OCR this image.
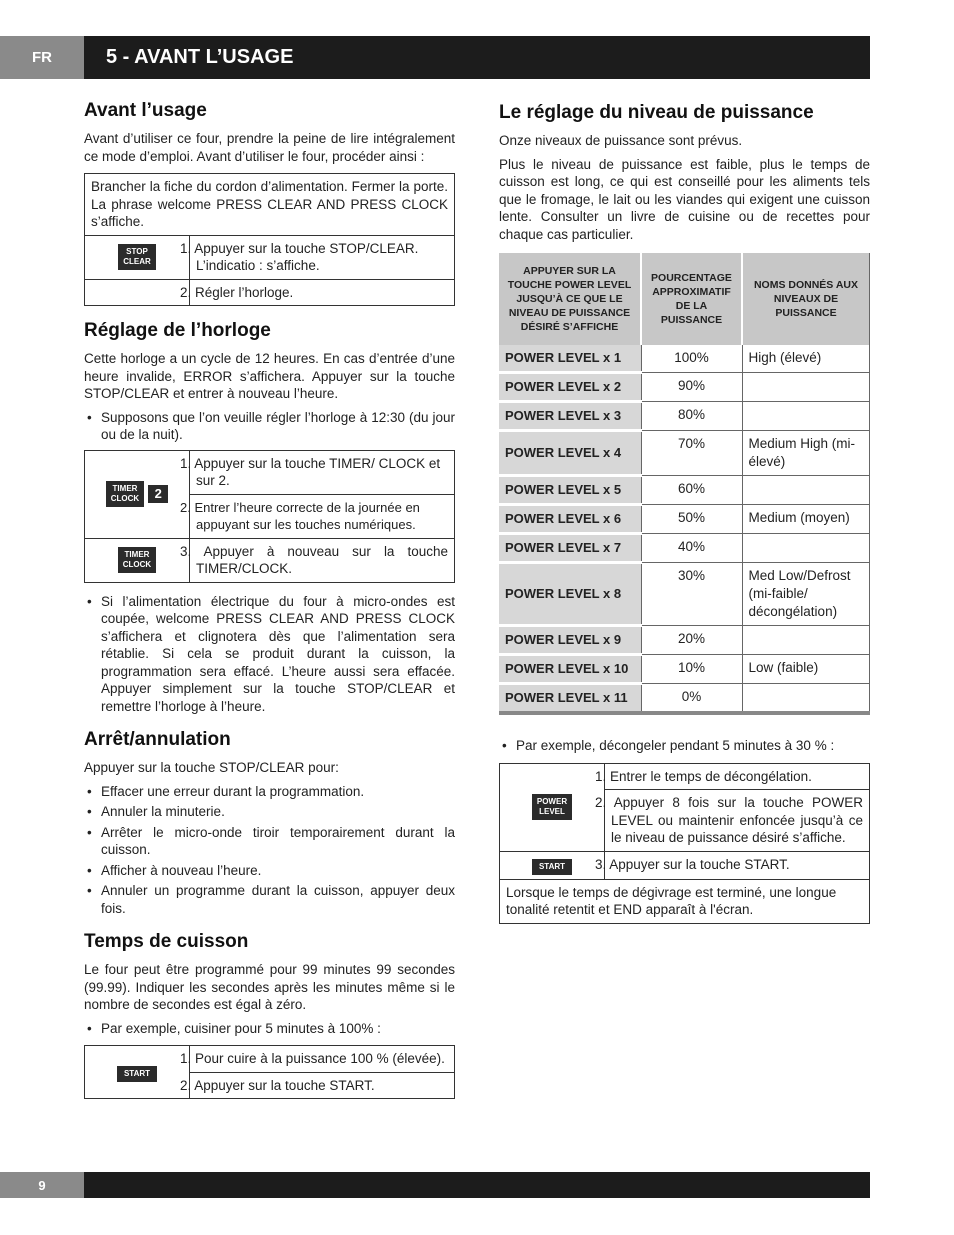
FR	5 - AVANT L’USAGE
Avant l’usage

Avant d’utiliser ce four, prendre la peine de lire intégralement ce mode d’emploi. Avant d’utiliser le four, procéder ainsi :

Brancher la fiche du cordon d’alimentation. Fermer la porte. La phrase welcome PRESS CLEAR AND PRESS CLOCK s’affiche.	
STOP
CLEAR	1. Appuyer sur la touche STOP/CLEAR. L’indicatio : s’affiche.
	2. Régler l’horloge.
Réglage de l’horloge

Cette horloge a un cycle de 12 heures. En cas d’entrée d’une heure invalide, ERROR s’affichera. Appuyer sur la touche STOP/CLEAR et entrer à nouveau l’heure.

• Supposons que l’on veuille régler l’horloge à 12:30 (du jour ou de la nuit).
TIMER
CLOCK 2	1. Appuyer sur la touche TIMER/ CLOCK et sur 2.
	2. Entrer l’heure correcte de la journée en appuyant sur les touches numériques.
TIMER
CLOCK	3. Appuyer à nouveau sur la touche TIMER/CLOCK.
• Si l’alimentation électrique du four à micro-ondes est coupée, welcome PRESS CLEAR AND PRESS CLOCK s’affichera et clignotera dès que l’alimentation sera rétablie. Si cela se produit durant la cuisson, la programmation sera effacé. L’heure aussi sera effacée. Appuyer simplement sur la touche STOP/CLEAR et remettre l’horloge à l’heure.
Arrêt/annulation

Appuyer sur la touche STOP/CLEAR pour:

• Effacer une erreur durant la programmation.
• Annuler la minuterie.
• Arrêter le micro-onde tiroir temporairement durant la cuisson.
• Afficher à nouveau l’heure.
• Annuler un programme durant la cuisson, appuyer deux fois.
Temps de cuisson

Le four peut être programmé pour 99 minutes 99 secondes (99.99). Indiquer les secondes après les minutes même si le nombre de secondes est égal à zéro.

• Par exemple, cuisiner pour 5 minutes à 100% :
START	1. Pour cuire à la puissance 100 % (élevée).
2. Appuyer sur la touche START.
Le réglage du niveau de puissance

Onze niveaux de puissance sont prévus.

Plus le niveau de puissance est faible, plus le temps de cuisson est long, ce qui est conseillé pour les aliments tels que le fromage, le lait ou les viandes qui exigent une cuisson lente. Consulter un livre de cuisine ou de recettes pour chaque cas particulier.

APPUYER SUR LA TOUCHE POWER LEVEL JUSQU’À CE QUE LE NIVEAU DE PUISSANCE DÉSIRÉ S’AFFICHE	POURCENTAGE APPROXIMATIF DE LA PUISSANCE	NOMS DONNÉS AUX NIVEAUX DE PUISSANCE
POWER LEVEL x 1	100%	High (élevé)
POWER LEVEL x 2	90%	
POWER LEVEL x 3	80%	
POWER LEVEL x 4	70%	Medium High (mi-élevé)
POWER LEVEL x 5	60%	
POWER LEVEL x 6	50%	Medium (moyen)
POWER LEVEL x 7	40%	
POWER LEVEL x 8	30%	Med Low/Defrost (mi-faible/ décongélation)
POWER LEVEL x 9	20%	
POWER LEVEL x 10	10%	Low (faible)
POWER LEVEL x 11	0%	
• Par exemple, décongeler pendant 5 minutes à 30 % :
POWER
LEVEL	1. Entrer le temps de décongélation.
	2. Appuyer 8 fois sur la touche POWER LEVEL ou maintenir enfoncée jusqu’à ce le niveau de puissance désiré s’affiche.
START	3. Appuyer sur la touche START.
Lorsque le temps de dégivrage est terminé, une longue tonalité retentit et END apparaît à l'écran.	
9
